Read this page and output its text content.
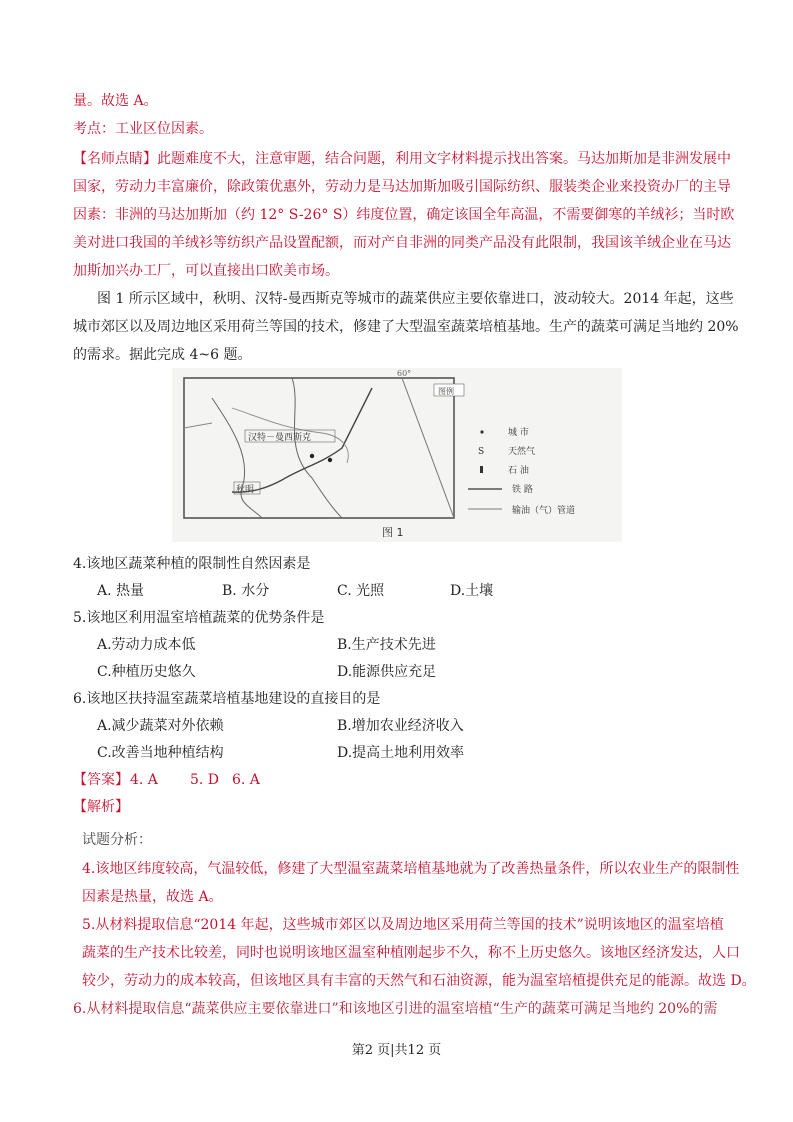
量。故选 A。
考点：工业区位因素。
【名师点睛】此题难度不大，注意审题，结合问题，利用文字材料提示找出答案。马达加斯加是非洲发展中
国家，劳动力丰富廉价，除政策优惠外，劳动力是马达加斯加吸引国际纺织、服装类企业来投资办厂的主导
因素：非洲的马达加斯加（约 12° S-26° S）纬度位置，确定该国全年高温，不需要御寒的羊绒衫；当时欧
美对进口我国的羊绒衫等纺织产品设置配额，而对产自非洲的同类产品没有此限制，我国该羊绒企业在马达
加斯加兴办工厂，可以直接出口欧美市场。
图 1 所示区域中，秋明、汉特-曼西斯克等城市的蔬菜供应主要依靠进口，波动较大。2014 年起，这些
城市郊区以及周边地区采用荷兰等国的技术，修建了大型温室蔬菜培植基地。生产的蔬菜可满足当地约 20%
的需求。据此完成 4~6 题。
60°
汉特－曼西斯克
秋明
图例
城 市
S	天然气
石 油
铁 路
输油（气）管道
图 1
4.该地区蔬菜种植的限制性自然因素是
A. 热量	B. 水分	C. 光照	D.土壤
5.该地区利用温室培植蔬菜的优势条件是
A.劳动力成本低	B.生产技术先进
C.种植历史悠久	D.能源供应充足
6.该地区扶持温室蔬菜培植基地建设的直接目的是
A.减少蔬菜对外依赖	B.增加农业经济收入
C.改善当地种植结构	D.提高土地利用效率
【答案】 4. A 5. D 6. A
【解析】
试题分析：
4.该地区纬度较高，气温较低，修建了大型温室蔬菜培植基地就为了改善热量条件，所以农业生产的限制性
因素是热量，故选 A。
5.从材料提取信息“2014 年起，这些城市郊区以及周边地区采用荷兰等国的技术”说明该地区的温室培植
蔬菜的生产技术比较差，同时也说明该地区温室种植刚起步不久，称不上历史悠久。该地区经济发达，人口
较少，劳动力的成本较高，但该地区具有丰富的天然气和石油资源，能为温室培植提供充足的能源。故选 D。
6.从材料提取信息“蔬菜供应主要依靠进口”和该地区引进的温室培植“生产的蔬菜可满足当地约 20%的需
第2 页|共12 页
